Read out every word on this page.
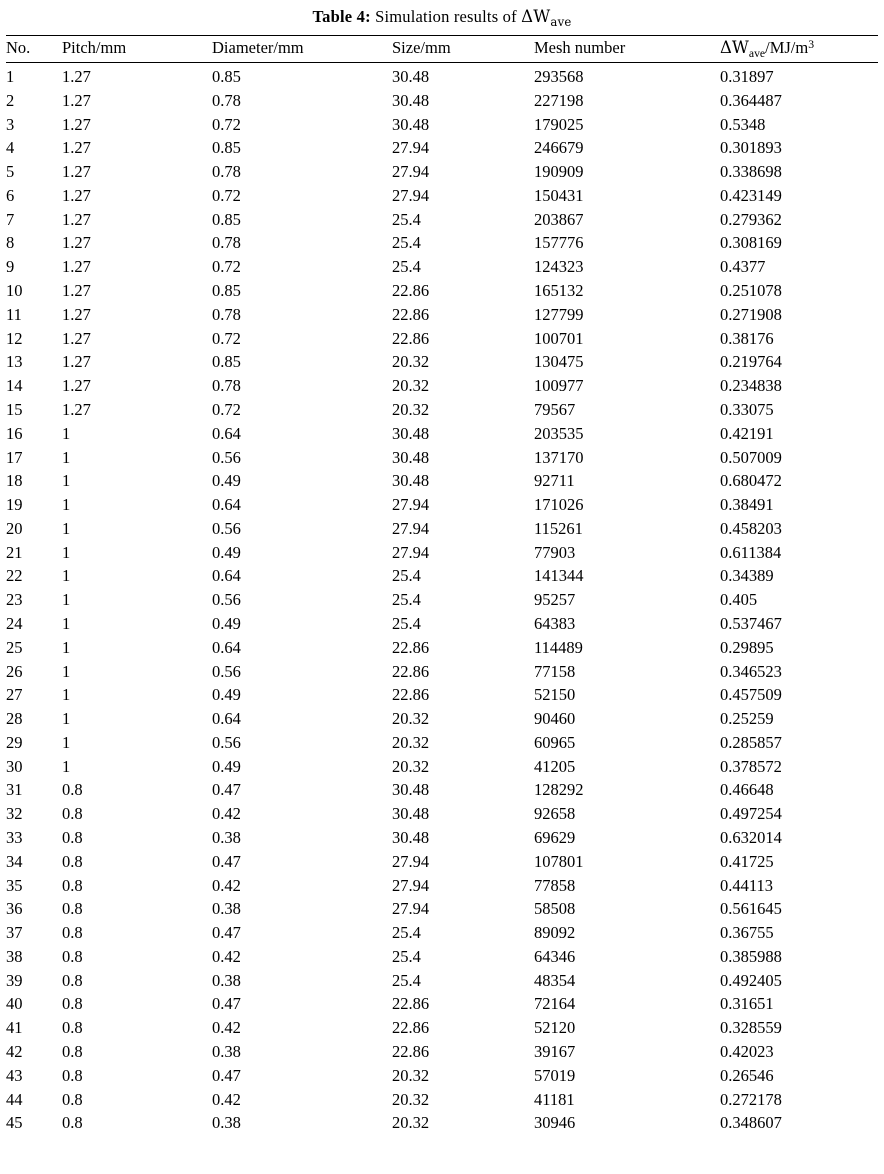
Table 4: Simulation results of $\Delta W_{ave}$
No.	Pitch/mm	Diameter/mm	Size/mm	Mesh number	$\Delta W_{ave}/MJ/m^3$
1	1.27	0.85	30.48	293568	0.31897
2	1.27	0.78	30.48	227198	0.364487
3	1.27	0.72	30.48	179025	0.5348
4	1.27	0.85	27.94	246679	0.301893
5	1.27	0.78	27.94	190909	0.338698
6	1.27	0.72	27.94	150431	0.423149
7	1.27	0.85	25.4	203867	0.279362
8	1.27	0.78	25.4	157776	0.308169
9	1.27	0.72	25.4	124323	0.4377
10	1.27	0.85	22.86	165132	0.251078
11	1.27	0.78	22.86	127799	0.271908
12	1.27	0.72	22.86	100701	0.38176
13	1.27	0.85	20.32	130475	0.219764
14	1.27	0.78	20.32	100977	0.234838
15	1.27	0.72	20.32	79567	0.33075
16	1	0.64	30.48	203535	0.42191
17	1	0.56	30.48	137170	0.507009
18	1	0.49	30.48	92711	0.680472
19	1	0.64	27.94	171026	0.38491
20	1	0.56	27.94	115261	0.458203
21	1	0.49	27.94	77903	0.611384
22	1	0.64	25.4	141344	0.34389
23	1	0.56	25.4	95257	0.405
24	1	0.49	25.4	64383	0.537467
25	1	0.64	22.86	114489	0.29895
26	1	0.56	22.86	77158	0.346523
27	1	0.49	22.86	52150	0.457509
28	1	0.64	20.32	90460	0.25259
29	1	0.56	20.32	60965	0.285857
30	1	0.49	20.32	41205	0.378572
31	0.8	0.47	30.48	128292	0.46648
32	0.8	0.42	30.48	92658	0.497254
33	0.8	0.38	30.48	69629	0.632014
34	0.8	0.47	27.94	107801	0.41725
35	0.8	0.42	27.94	77858	0.44113
36	0.8	0.38	27.94	58508	0.561645
37	0.8	0.47	25.4	89092	0.36755
38	0.8	0.42	25.4	64346	0.385988
39	0.8	0.38	25.4	48354	0.492405
40	0.8	0.47	22.86	72164	0.31651
41	0.8	0.42	22.86	52120	0.328559
42	0.8	0.38	22.86	39167	0.42023
43	0.8	0.47	20.32	57019	0.26546
44	0.8	0.42	20.32	41181	0.272178
45	0.8	0.38	20.32	30946	0.348607
